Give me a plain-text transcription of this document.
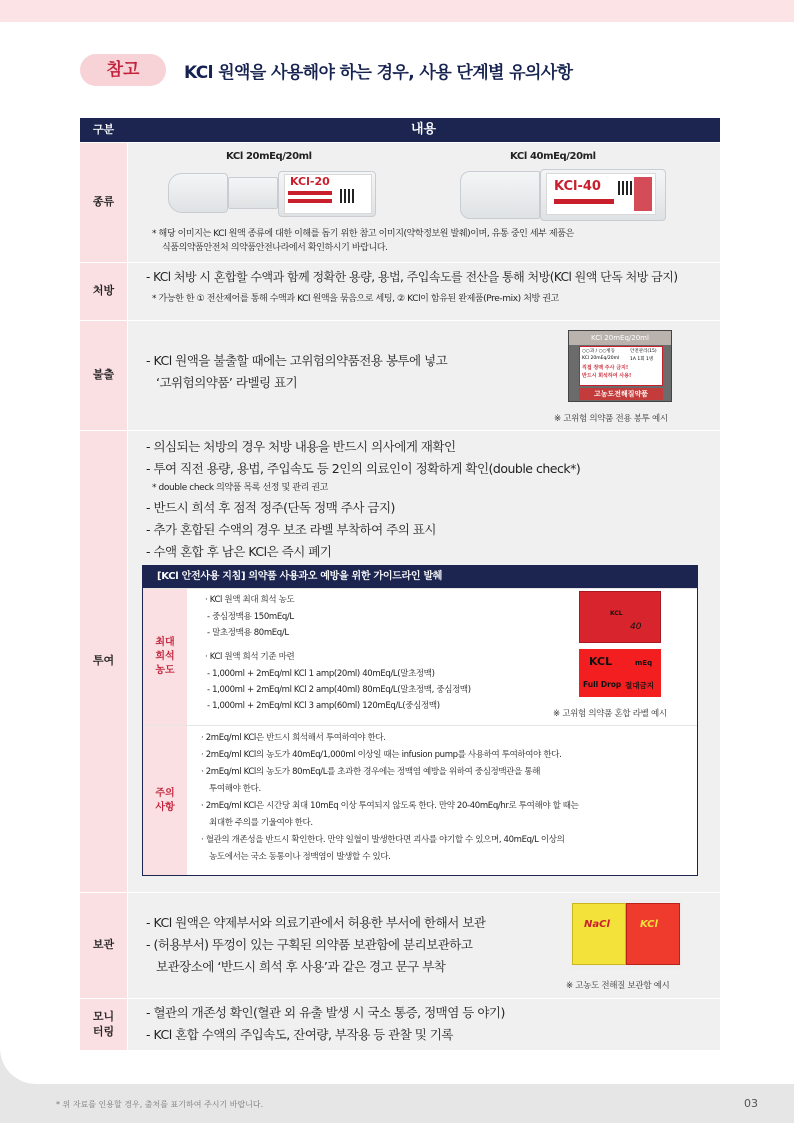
참고	KCl 원액을 사용해야 하는 경우, 사용 단계별 유의사항
구분	내용
종류
KCl 20mEq/20ml	KCl 40mEq/20ml
KCl-20	KCl-40
* 해당 이미지는 KCl 원액 종류에 대한 이해를 돕기 위한 참고 이미지(약학정보원 발췌)이며, 유통 중인 세부 제품은
식품의약품안전처 의약품안전나라에서 확인하시기 바랍니다.
처방
- KCl 처방 시 혼합할 수액과 함께 정확한 용량, 용법, 주입속도를 전산을 통해 처방(KCl 원액 단독 처방 금지)
* 가능한 한 ① 전산제어를 통해 수액과 KCl 원액을 묶음으로 세팅, ② KCl이 함유된 완제품(Pre-mix) 처방 권고
불출
- KCl 원액을 불출할 때에는 고위험의약품전용 봉투에 넣고
‘고위험의약품’ 라벨링 표기
KCl 20mEq/20ml
○○과 / ○○병동	안전관리(15)
KCl 20mEq/20ml 1A 1회 1병
직접 정맥 주사 금지!
반드시 희석하여 사용!
고농도전해질약품
※ 고위험 의약품 전용 봉투 예시
투여
- 의심되는 처방의 경우 처방 내용을 반드시 의사에게 재확인
- 투여 직전 용량, 용법, 주입속도 등 2인의 의료인이 정확하게 확인(double check*)
* double check 의약품 목록 선정 및 관리 권고
- 반드시 희석 후 점적 정주(단독 정맥 주사 금지)
- 추가 혼합된 수액의 경우 보조 라벨 부착하여 주의 표시
- 수액 혼합 후 남은 KCl은 즉시 폐기
[KCl 안전사용 지침] 의약품 사용과오 예방을 위한 가이드라인 발췌
최대
희석
농도
· KCl 원액 최대 희석 농도
- 중심정맥용 150mEq/L
- 말초정맥용 80mEq/L
· KCl 원액 희석 기준 마련
- 1,000ml + 2mEq/ml KCl 1 amp(20ml) 40mEq/L(말초정맥)
- 1,000ml + 2mEq/ml KCl 2 amp(40ml) 80mEq/L(말초정맥, 중심정맥)
- 1,000ml + 2mEq/ml KCl 3 amp(60ml) 120mEq/L(중심정맥)
KCL
40
KCL	mEq
Full Drop 절대금지
※ 고위험 의약품 혼합 라벨 예시
주의
사항
· 2mEq/ml KCl은 반드시 희석해서 투여하여야 한다.
· 2mEq/ml KCl의 농도가 40mEq/1,000ml 이상일 때는 infusion pump를 사용하여 투여하여야 한다.
· 2mEq/ml KCl의 농도가 80mEq/L를 초과한 경우에는 정맥염 예방을 위하여 중심정맥관을 통해
투여해야 한다.
· 2mEq/ml KCl은 시간당 최대 10mEq 이상 투여되지 않도록 한다. 만약 20-40mEq/hr로 투여해야 할 때는
최대한 주의를 기울여야 한다.
· 혈관의 개존성을 반드시 확인한다. 만약 일혈이 발생한다면 괴사를 야기할 수 있으며, 40mEq/L 이상의
농도에서는 국소 동통이나 정맥염이 발생할 수 있다.
보관
- KCl 원액은 약제부서와 의료기관에서 허용한 부서에 한해서 보관
- (허용부서) 뚜껑이 있는 구획된 의약품 보관함에 분리보관하고
보관장소에 ‘반드시 희석 후 사용’과 같은 경고 문구 부착
NaCl	KCl
※ 고농도 전해질 보관함 예시
모니
터링
- 혈관의 개존성 확인(혈관 외 유출 발생 시 국소 통증, 정맥염 등 야기)
- KCl 혼합 수액의 주입속도, 잔여량, 부작용 등 관찰 및 기록
* 위 자료를 인용할 경우, 출처를 표기하여 주시기 바랍니다.	03
